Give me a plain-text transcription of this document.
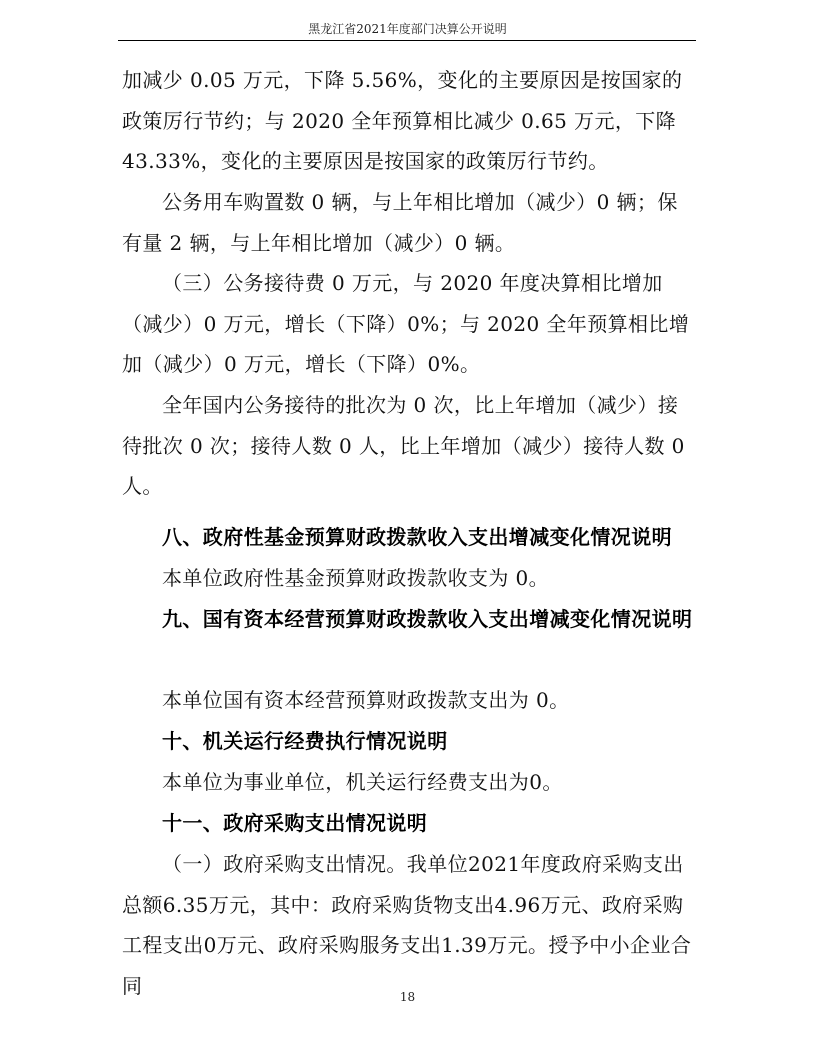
黑龙江省2021年度部门决算公开说明
加减少 0.05 万元，下降 5.56%，变化的主要原因是按国家的政策厉行节约；与 2020 全年预算相比减少 0.65 万元，下降 43.33%，变化的主要原因是按国家的政策厉行节约。
公务用车购置数 0 辆，与上年相比增加（减少）0 辆；保有量 2 辆，与上年相比增加（减少）0 辆。
（三）公务接待费 0 万元，与 2020 年度决算相比增加（减少）0 万元，增长（下降）0%；与 2020 全年预算相比增加（减少）0 万元，增长（下降）0%。
全年国内公务接待的批次为 0 次，比上年增加（减少）接待批次 0 次；接待人数 0 人，比上年增加（减少）接待人数 0 人。
八、政府性基金预算财政拨款收入支出增减变化情况说明
本单位政府性基金预算财政拨款收支为 0。
九、国有资本经营预算财政拨款收入支出增减变化情况说明
本单位国有资本经营预算财政拨款支出为 0。
十、机关运行经费执行情况说明
本单位为事业单位，机关运行经费支出为0。
十一、政府采购支出情况说明
（一）政府采购支出情况。我单位2021年度政府采购支出总额6.35万元，其中：政府采购货物支出4.96万元、政府采购工程支出0万元、政府采购服务支出1.39万元。授予中小企业合同	18
